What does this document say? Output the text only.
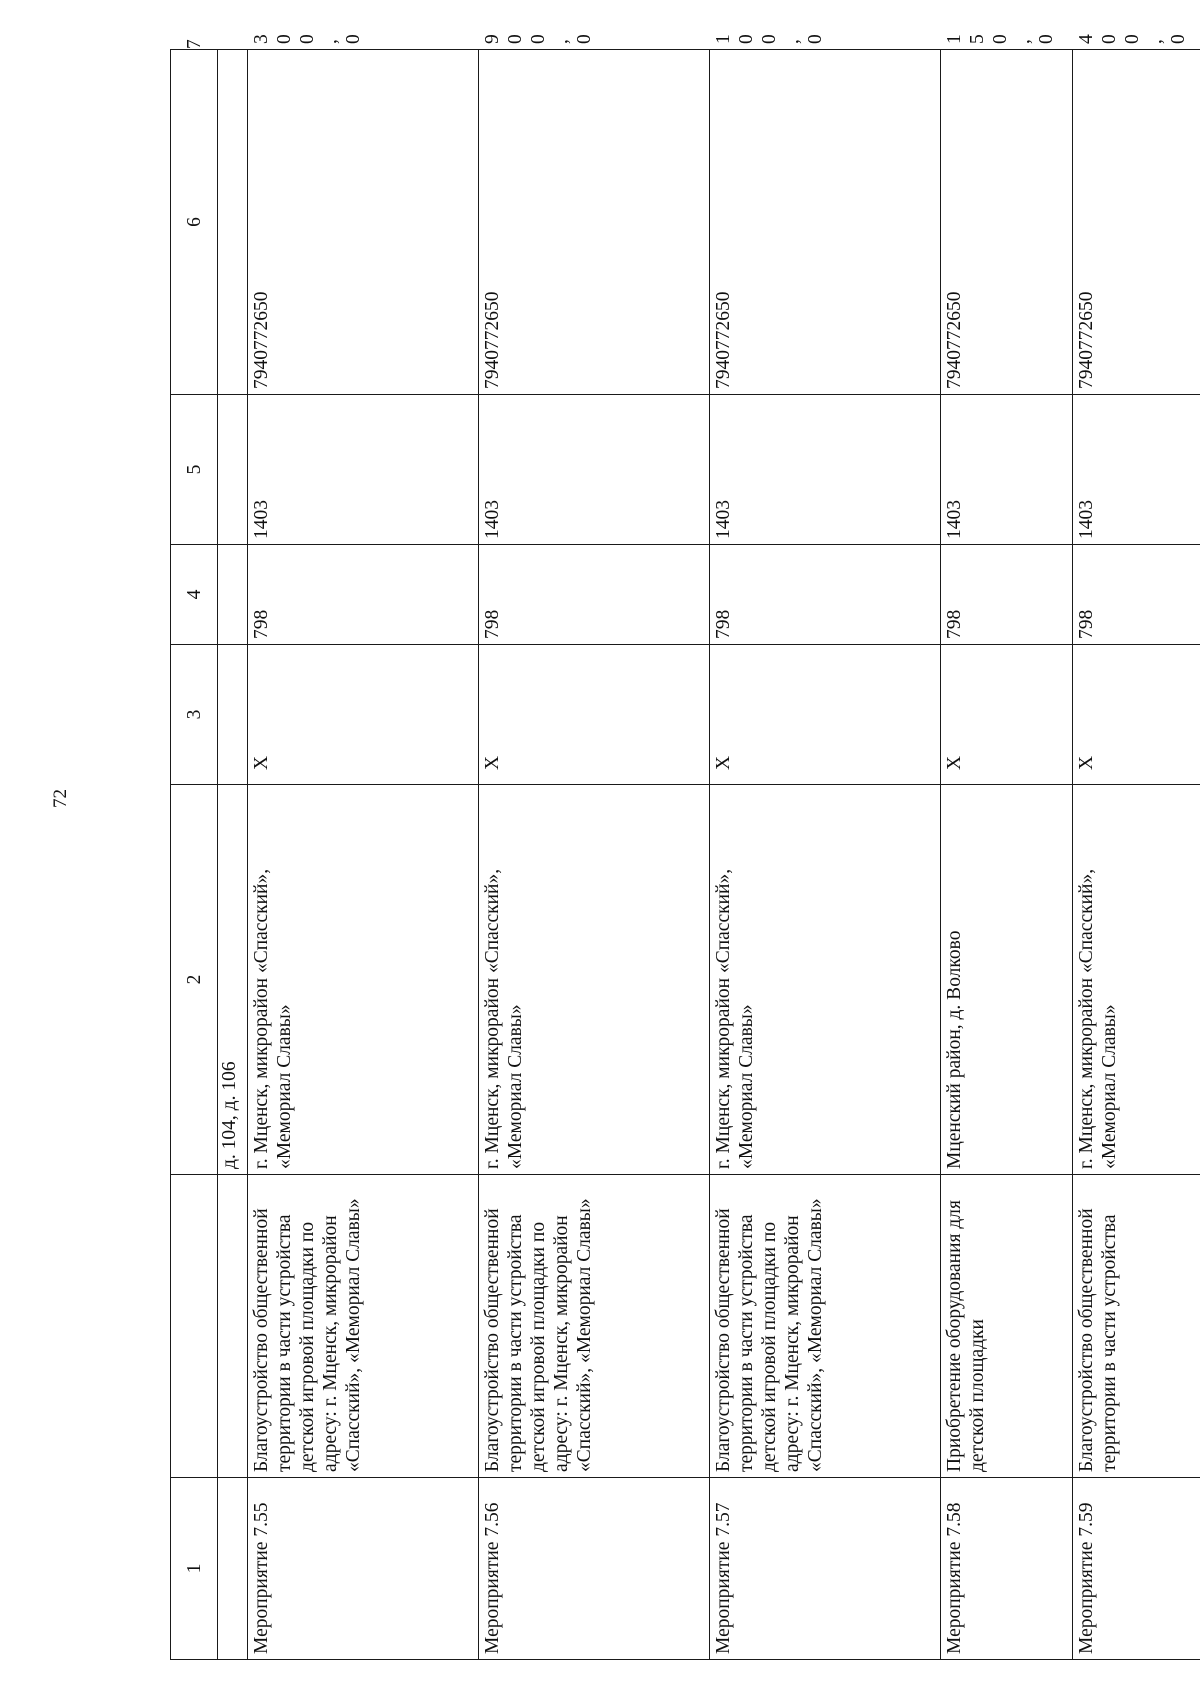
72
1		2	3	4	5	6	7
		д. 104, д. 106					
Мероприятие 7.55	Благоустройство общественной территории в части устройства детской игровой площадки по адресу: г. Мценск, микрорайон «Спасский», «Мемориал Славы»	г. Мценск, микрорайон «Спасский», «Мемориал Славы»	Х	798	1403	7940772650	300,0
Мероприятие 7.56	Благоустройство общественной территории в части устройства детской игровой площадки по адресу: г. Мценск, микрорайон «Спасский», «Мемориал Славы»	г. Мценск, микрорайон «Спасский», «Мемориал Славы»	Х	798	1403	7940772650	900,0
Мероприятие 7.57	Благоустройство общественной территории в части устройства детской игровой площадки по адресу: г. Мценск, микрорайон «Спасский», «Мемориал Славы»	г. Мценск, микрорайон «Спасский», «Мемориал Славы»	Х	798	1403	7940772650	100,0
Мероприятие 7.58	Приобретение оборудования для детской площадки	Мценский район, д. Волково	Х	798	1403	7940772650	150,0
Мероприятие 7.59	Благоустройство общественной территории в части устройства	г. Мценск, микрорайон «Спасский», «Мемориал Славы»	Х	798	1403	7940772650	400,0
